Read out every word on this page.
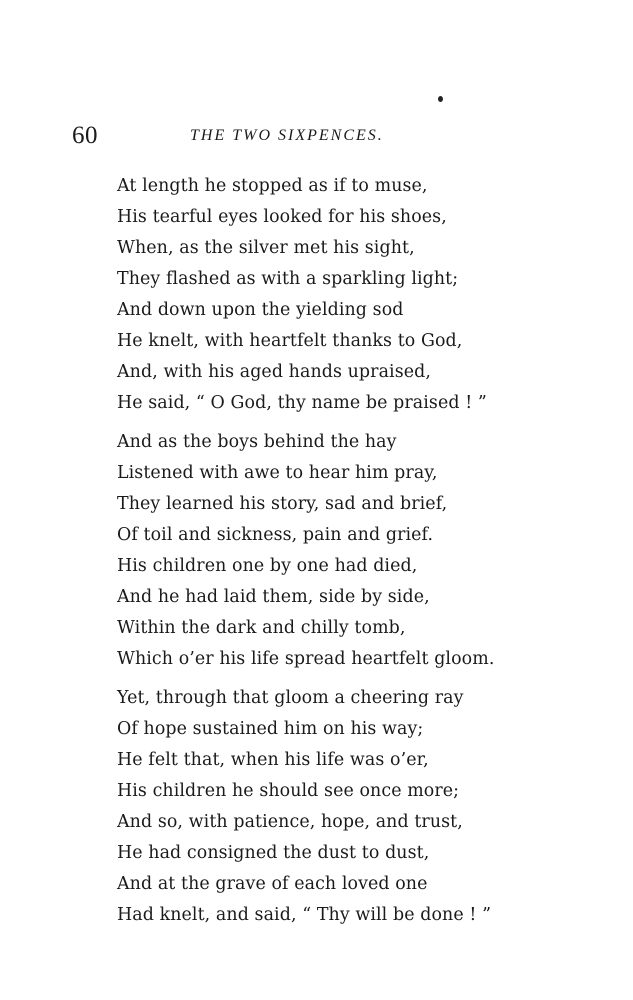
60	THE TWO SIXPENCES.
At length he stopped as if to muse,
His tearful eyes looked for his shoes,
When, as the silver met his sight,
They flashed as with a sparkling light;
And down upon the yielding sod
He knelt, with heartfelt thanks to God,
And, with his aged hands upraised,
He said, “ O God, thy name be praised ! ”
And as the boys behind the hay
Listened with awe to hear him pray,
They learned his story, sad and brief,
Of toil and sickness, pain and grief.
His children one by one had died,
And he had laid them, side by side,
Within the dark and chilly tomb,
Which o’er his life spread heartfelt gloom.
Yet, through that gloom a cheering ray
Of hope sustained him on his way;
He felt that, when his life was o’er,
His children he should see once more;
And so, with patience, hope, and trust,
He had consigned the dust to dust,
And at the grave of each loved one
Had knelt, and said, “ Thy will be done ! ”
